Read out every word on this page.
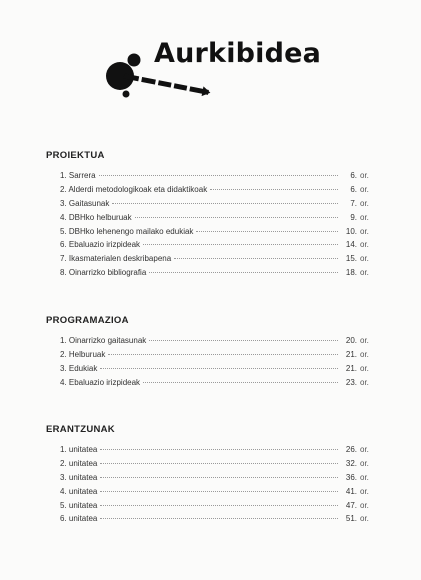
Aurkibidea
PROIEKTUA
1. Sarrera	6. or.
2. Alderdi metodologikoak eta didaktikoak	6. or.
3. Gaitasunak	7. or.
4. DBHko helburuak	9. or.
5. DBHko lehenengo mailako edukiak	10. or.
6. Ebaluazio irizpideak	14. or.
7. Ikasmaterialen deskribapena	15. or.
8. Oinarrizko bibliografia	18. or.
PROGRAMAZIOA
1. Oinarrizko gaitasunak	20. or.
2. Helburuak	21. or.
3. Edukiak	21. or.
4. Ebaluazio irizpideak	23. or.
ERANTZUNAK
1. unitatea	26. or.
2. unitatea	32. or.
3. unitatea	36. or.
4. unitatea	41. or.
5. unitatea	47. or.
6. unitatea	51. or.
